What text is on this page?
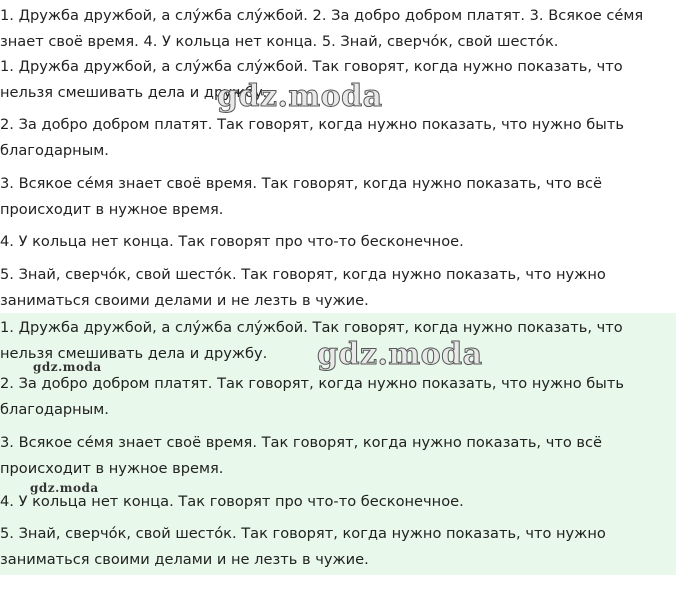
1. Дружба дружбой, а слу́жба слу́жбой. 2. За добро добром платят. 3. Всякое се́мя знает своё время. 4. У кольца нет конца. 5. Знай, сверчо́к, свой шесто́к.

1. Дружба дружбой, а слу́жба слу́жбой. Так говорят, когда нужно показать, что нельзя смешивать дела и дружбу.

2. За добро добром платят. Так говорят, когда нужно показать, что нужно быть благодарным.

3. Всякое се́мя знает своё время. Так говорят, когда нужно показать, что всё происходит в нужное время.

4. У кольца нет конца. Так говорят про что-то бесконечное.

5. Знай, сверчо́к, свой шесто́к. Так говорят, когда нужно показать, что нужно заниматься своими делами и не лезть в чужие.

1. Дружба дружбой, а слу́жба слу́жбой. Так говорят, когда нужно показать, что нельзя смешивать дела и дружбу.

2. За добро добром платят. Так говорят, когда нужно показать, что нужно быть благодарным.

3. Всякое се́мя знает своё время. Так говорят, когда нужно показать, что всё происходит в нужное время.

4. У кольца нет конца. Так говорят про что-то бесконечное.

5. Знай, сверчо́к, свой шесто́к. Так говорят, когда нужно показать, что нужно заниматься своими делами и не лезть в чужие.

gdz.moda
gdz.moda
gdz.moda
gdz.moda
